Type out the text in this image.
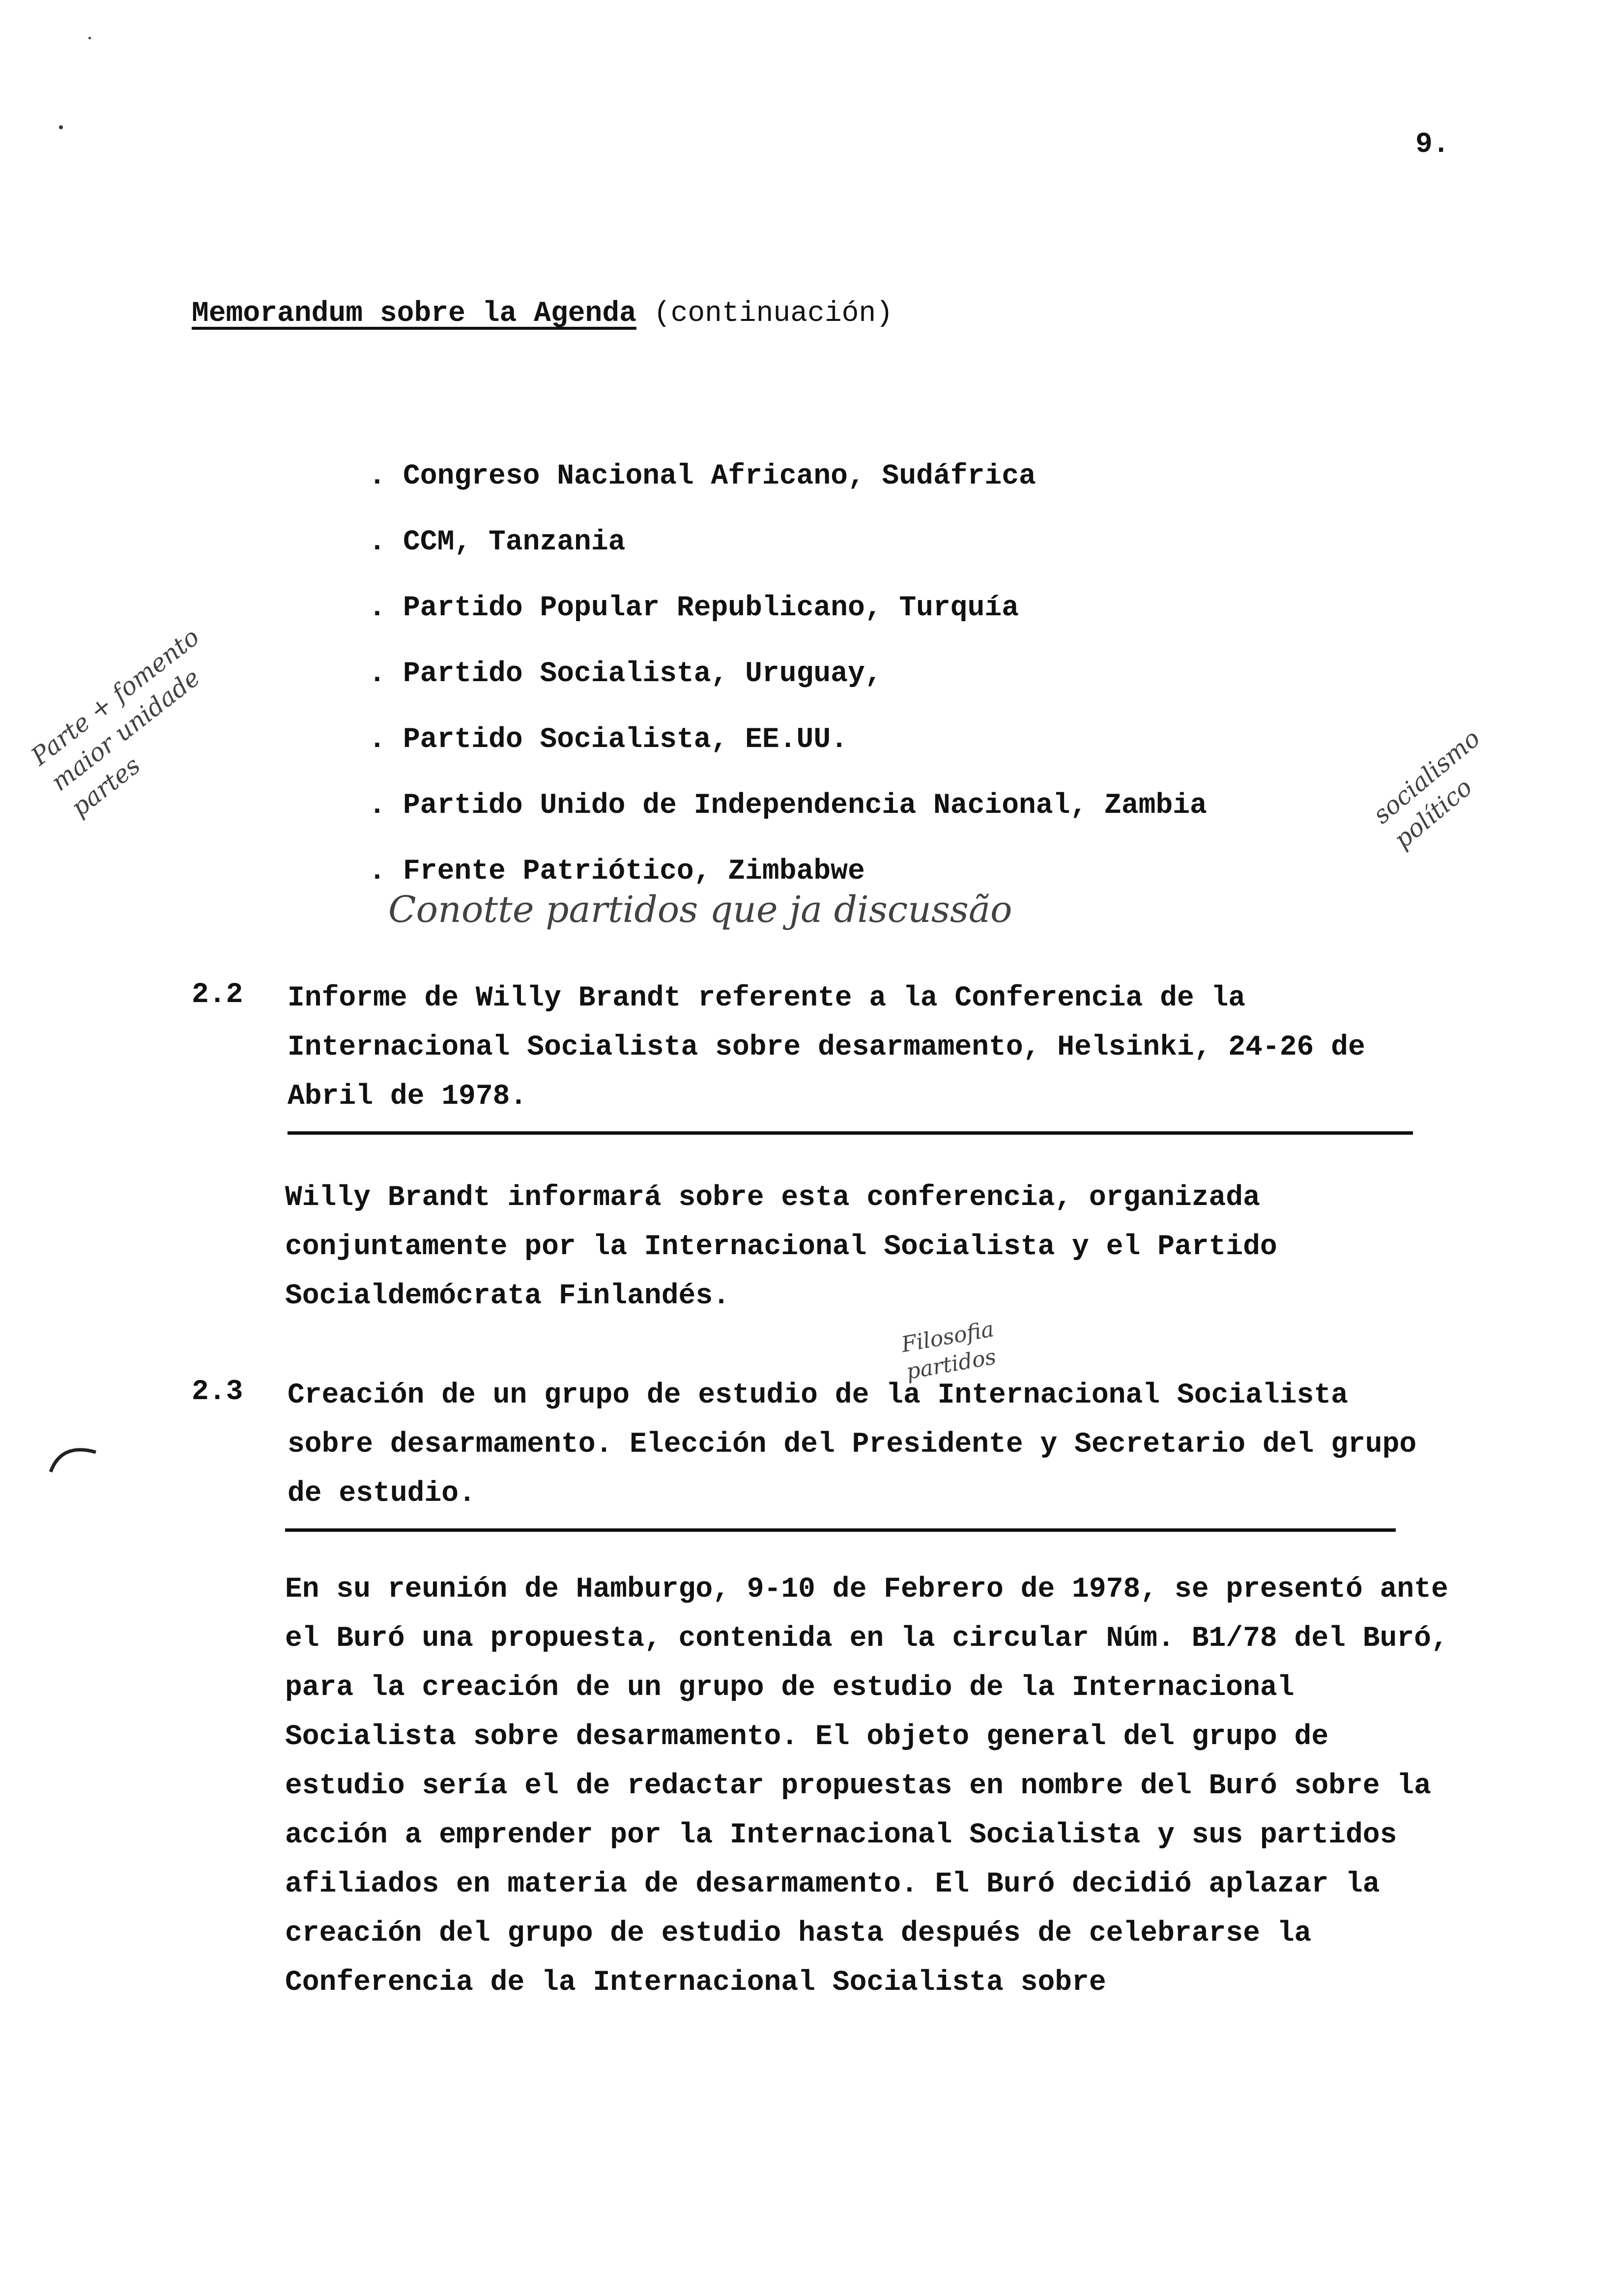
9.
Memorandum sobre la Agenda (continuación)
. Congreso Nacional Africano, Sudáfrica
. CCM, Tanzania
. Partido Popular Republicano, Turquía
. Partido Socialista, Uruguay,
. Partido Socialista, EE.UU.
. Partido Unido de Independencia Nacional, Zambia
. Frente Patriótico, Zimbabwe
Conotte partidos que ja discussão
Parte + fomento
maior unidade
partes	socialismo
político
Filosofia
partidos
2.2 Informe de Willy Brandt referente a la Conferencia de la Internacional Socialista sobre desarmamento, Helsinki, 24-26 de Abril de 1978.
Willy Brandt informará sobre esta conferencia, organizada conjuntamente por la Internacional Socialista y el Partido Socialdemócrata Finlandés.
2.3 Creación de un grupo de estudio de la Internacional Socialista sobre desarmamento. Elección del Presidente y Secretario del grupo de estudio.
En su reunión de Hamburgo, 9-10 de Febrero de 1978, se presentó ante el Buró una propuesta, contenida en la circular Núm. B1/78 del Buró, para la creación de un grupo de estudio de la Internacional Socialista sobre desarmamento. El objeto general del grupo de estudio sería el de redactar propuestas en nombre del Buró sobre la acción a emprender por la Internacional Socialista y sus partidos afiliados en materia de desarmamento. El Buró decidió aplazar la creación del grupo de estudio hasta después de celebrarse la Conferencia de la Internacional Socialista sobre
